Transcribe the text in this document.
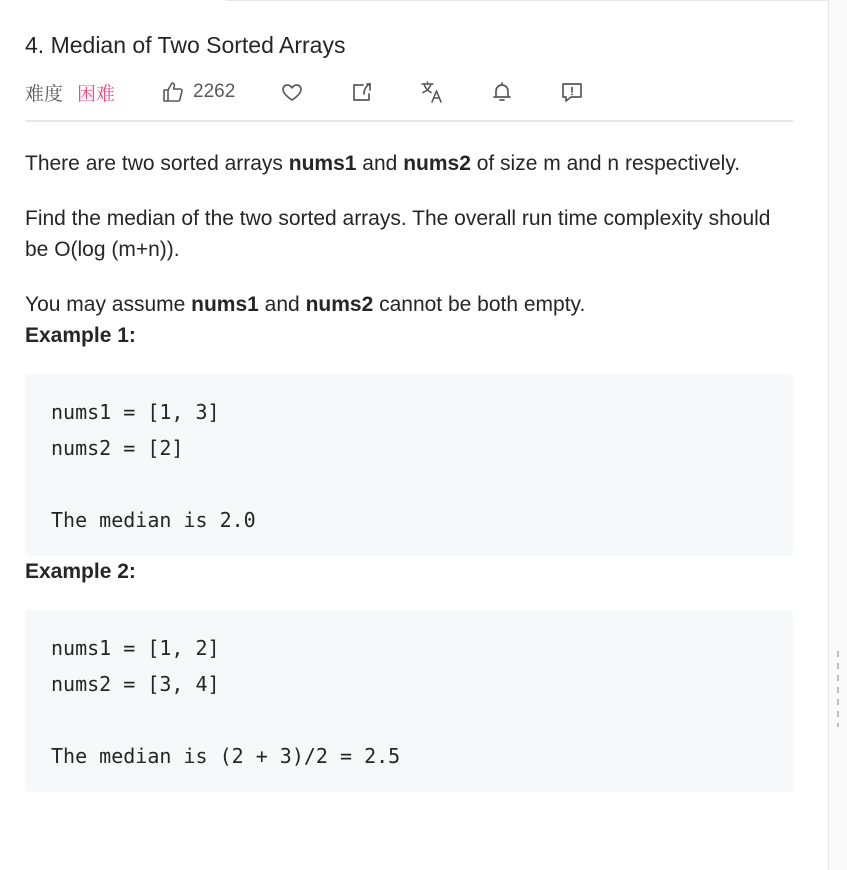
4. Median of Two Sorted Arrays
难度 困难	2262

There are two sorted arrays nums1 and nums2 of size m and n respectively.

Find the median of the two sorted arrays. The overall run time complexity should be O(log (m+n)).

You may assume nums1 and nums2 cannot be both empty.

Example 1:

nums1 = [1, 3]
nums2 = [2]
The median is 2.0

Example 2:

nums1 = [1, 2]
nums2 = [3, 4]
The median is (2 + 3)/2 = 2.5
